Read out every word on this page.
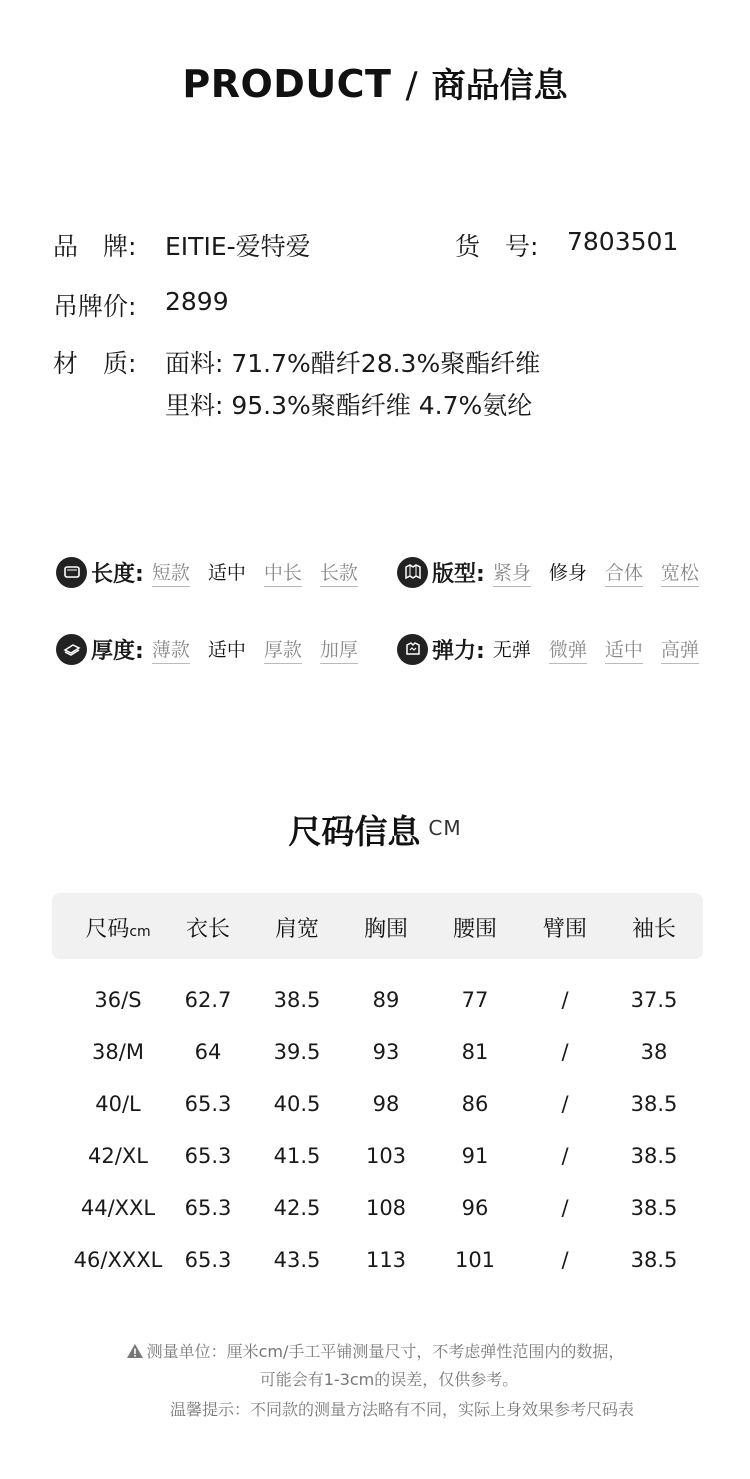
PRODUCT / 商品信息
品　牌: EITIE-爱特爱	货　号: 7803501
吊牌价: 2899
材　质: 面料: 71.7%醋纤28.3%聚酯纤维
里料: 95.3%聚酯纤维 4.7%氨纶
长度: 短款 适中 中长 长款	版型: 紧身 修身 合体 宽松
厚度: 薄款 适中 厚款 加厚	弹力: 无弹 微弹 适中 高弹
尺码信息 CM
尺码cm	衣长	肩宽	胸围	腰围	臂围	袖长
36/S	62.7	38.5	89	77	/	37.5
38/M	64	39.5	93	81	/	38
40/L	65.3	40.5	98	86	/	38.5
42/XL	65.3	41.5	103	91	/	38.5
44/XXL	65.3	42.5	108	96	/	38.5
46/XXXL	65.3	43.5	113	101	/	38.5
测量单位：厘米cm/手工平铺测量尺寸，不考虑弹性范围内的数据，
可能会有1-3cm的误差，仅供参考。
温馨提示：不同款的测量方法略有不同，实际上身效果参考尺码表
